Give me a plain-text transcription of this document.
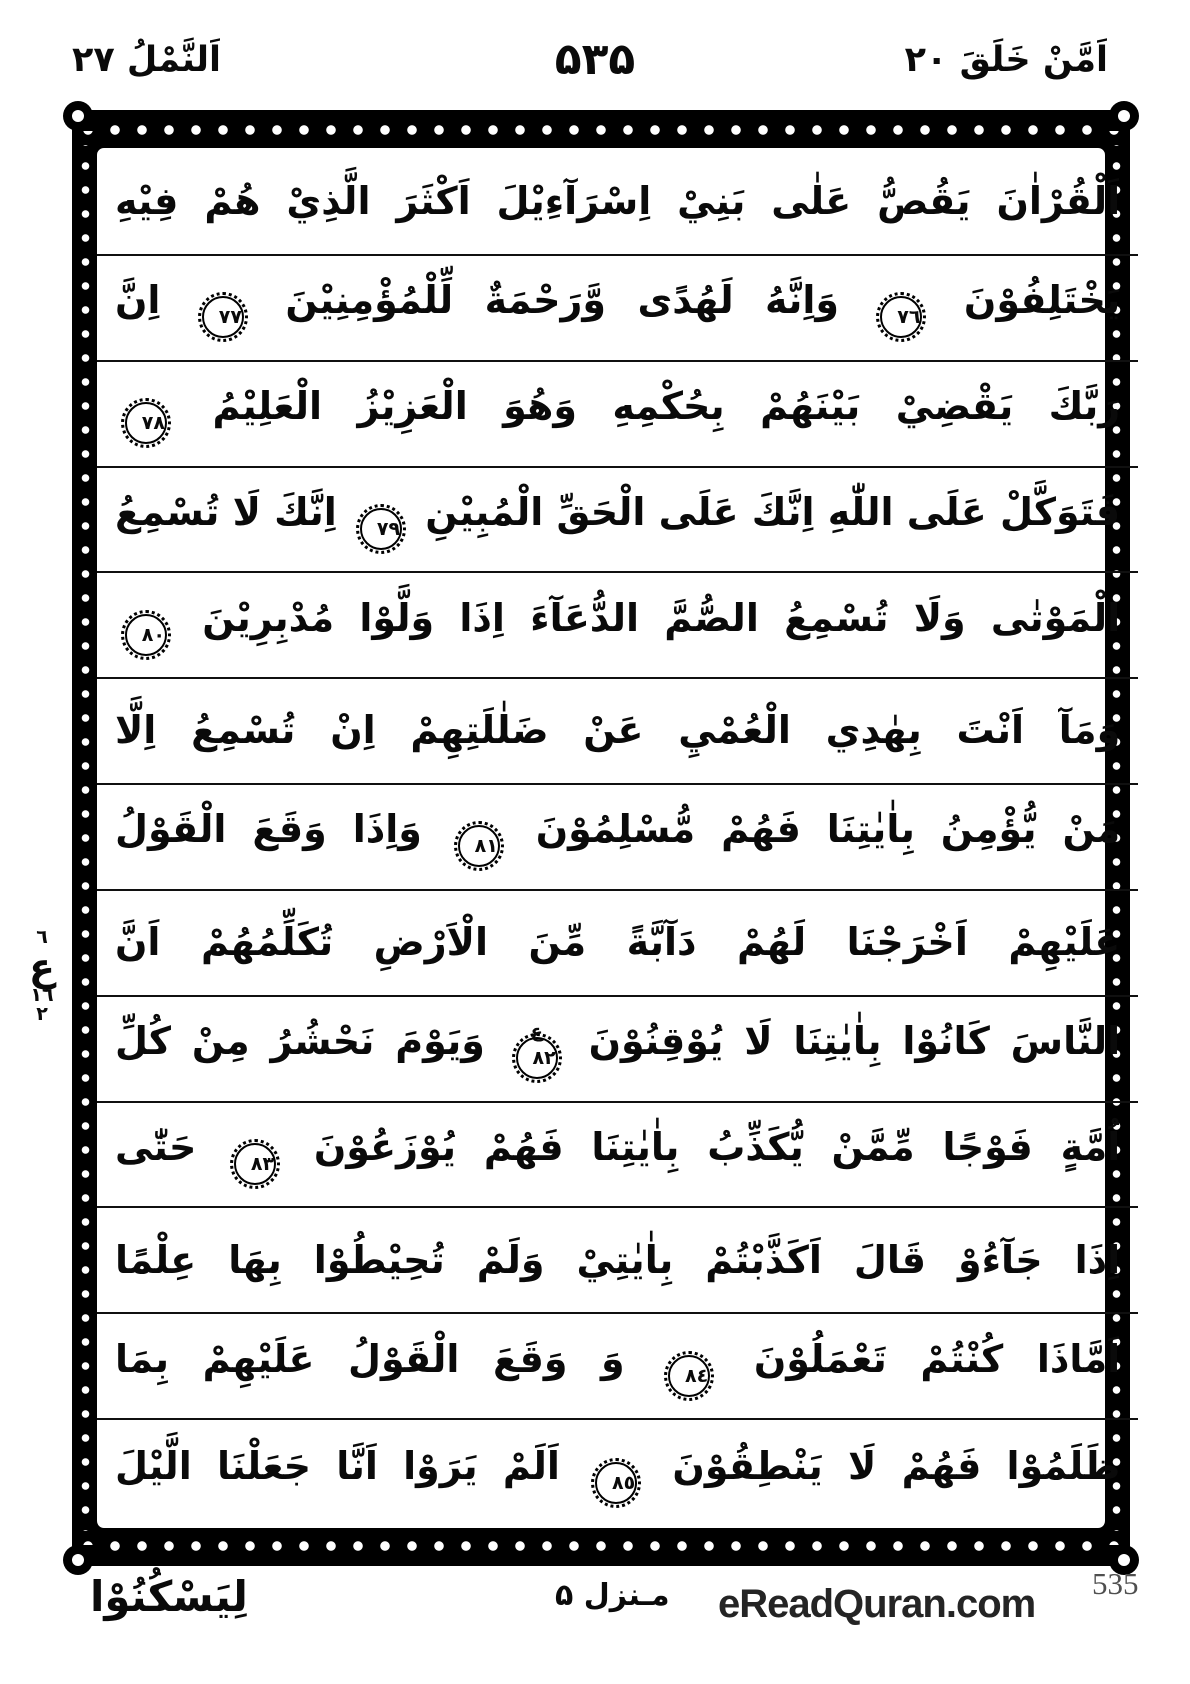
اَلنَّمْلُ ٢٧	۵۳۵	اَمَّنْ خَلَقَ ٢٠
اَلْقُرْاٰنَ يَقُصُّ عَلٰى بَنِيْ اِسْرَآءِيْلَ اَكْثَرَ الَّذِيْ هُمْ فِيْهِ
يَخْتَلِفُوْنَ ٧٦ وَاِنَّهُ لَهُدًى وَّرَحْمَةٌ لِّلْمُؤْمِنِيْنَ ٧٧ اِنَّ
رَبَّكَ يَقْضِيْ بَيْنَهُمْ بِحُكْمِهِ وَهُوَ الْعَزِيْزُ الْعَلِيْمُ ٧٨
فَتَوَكَّلْ عَلَى اللّٰهِ اِنَّكَ عَلَى الْحَقِّ الْمُبِيْنِ ٧٩ اِنَّكَ لَا تُسْمِعُ
الْمَوْتٰى وَلَا تُسْمِعُ الصُّمَّ الدُّعَآءَ اِذَا وَلَّوْا مُدْبِرِيْنَ ٨٠
وَمَآ اَنْتَ بِهٰدِي الْعُمْيِ عَنْ ضَلٰلَتِهِمْ اِنْ تُسْمِعُ اِلَّا
مَنْ يُّؤْمِنُ بِاٰيٰتِنَا فَهُمْ مُّسْلِمُوْنَ ٨١ وَاِذَا وَقَعَ الْقَوْلُ
عَلَيْهِمْ اَخْرَجْنَا لَهُمْ دَآبَّةً مِّنَ الْاَرْضِ تُكَلِّمُهُمْ اَنَّ
النَّاسَ كَانُوْا بِاٰيٰتِنَا لَا يُوْقِنُوْنَ ٨٢
ع
وَيَوْمَ نَحْشُرُ مِنْ كُلِّ
اُمَّةٍ فَوْجًا مِّمَّنْ يُّكَذِّبُ بِاٰيٰتِنَا فَهُمْ يُوْزَعُوْنَ ٨٣ حَتّٰى
اِذَا جَآءُوْ قَالَ اَكَذَّبْتُمْ بِاٰيٰتِيْ وَلَمْ تُحِيْطُوْا بِهَا عِلْمًا
اَمَّاذَا كُنْتُمْ تَعْمَلُوْنَ ٨٤ وَ وَقَعَ الْقَوْلُ عَلَيْهِمْ بِمَا
ظَلَمُوْا فَهُمْ لَا يَنْطِقُوْنَ ٨٥ اَلَمْ يَرَوْا اَنَّا جَعَلْنَا الَّيْلَ
٦
ع
١٦
٢
لِيَسْكُنُوْا	مـنزل ۵ eReadQuran.com 535
